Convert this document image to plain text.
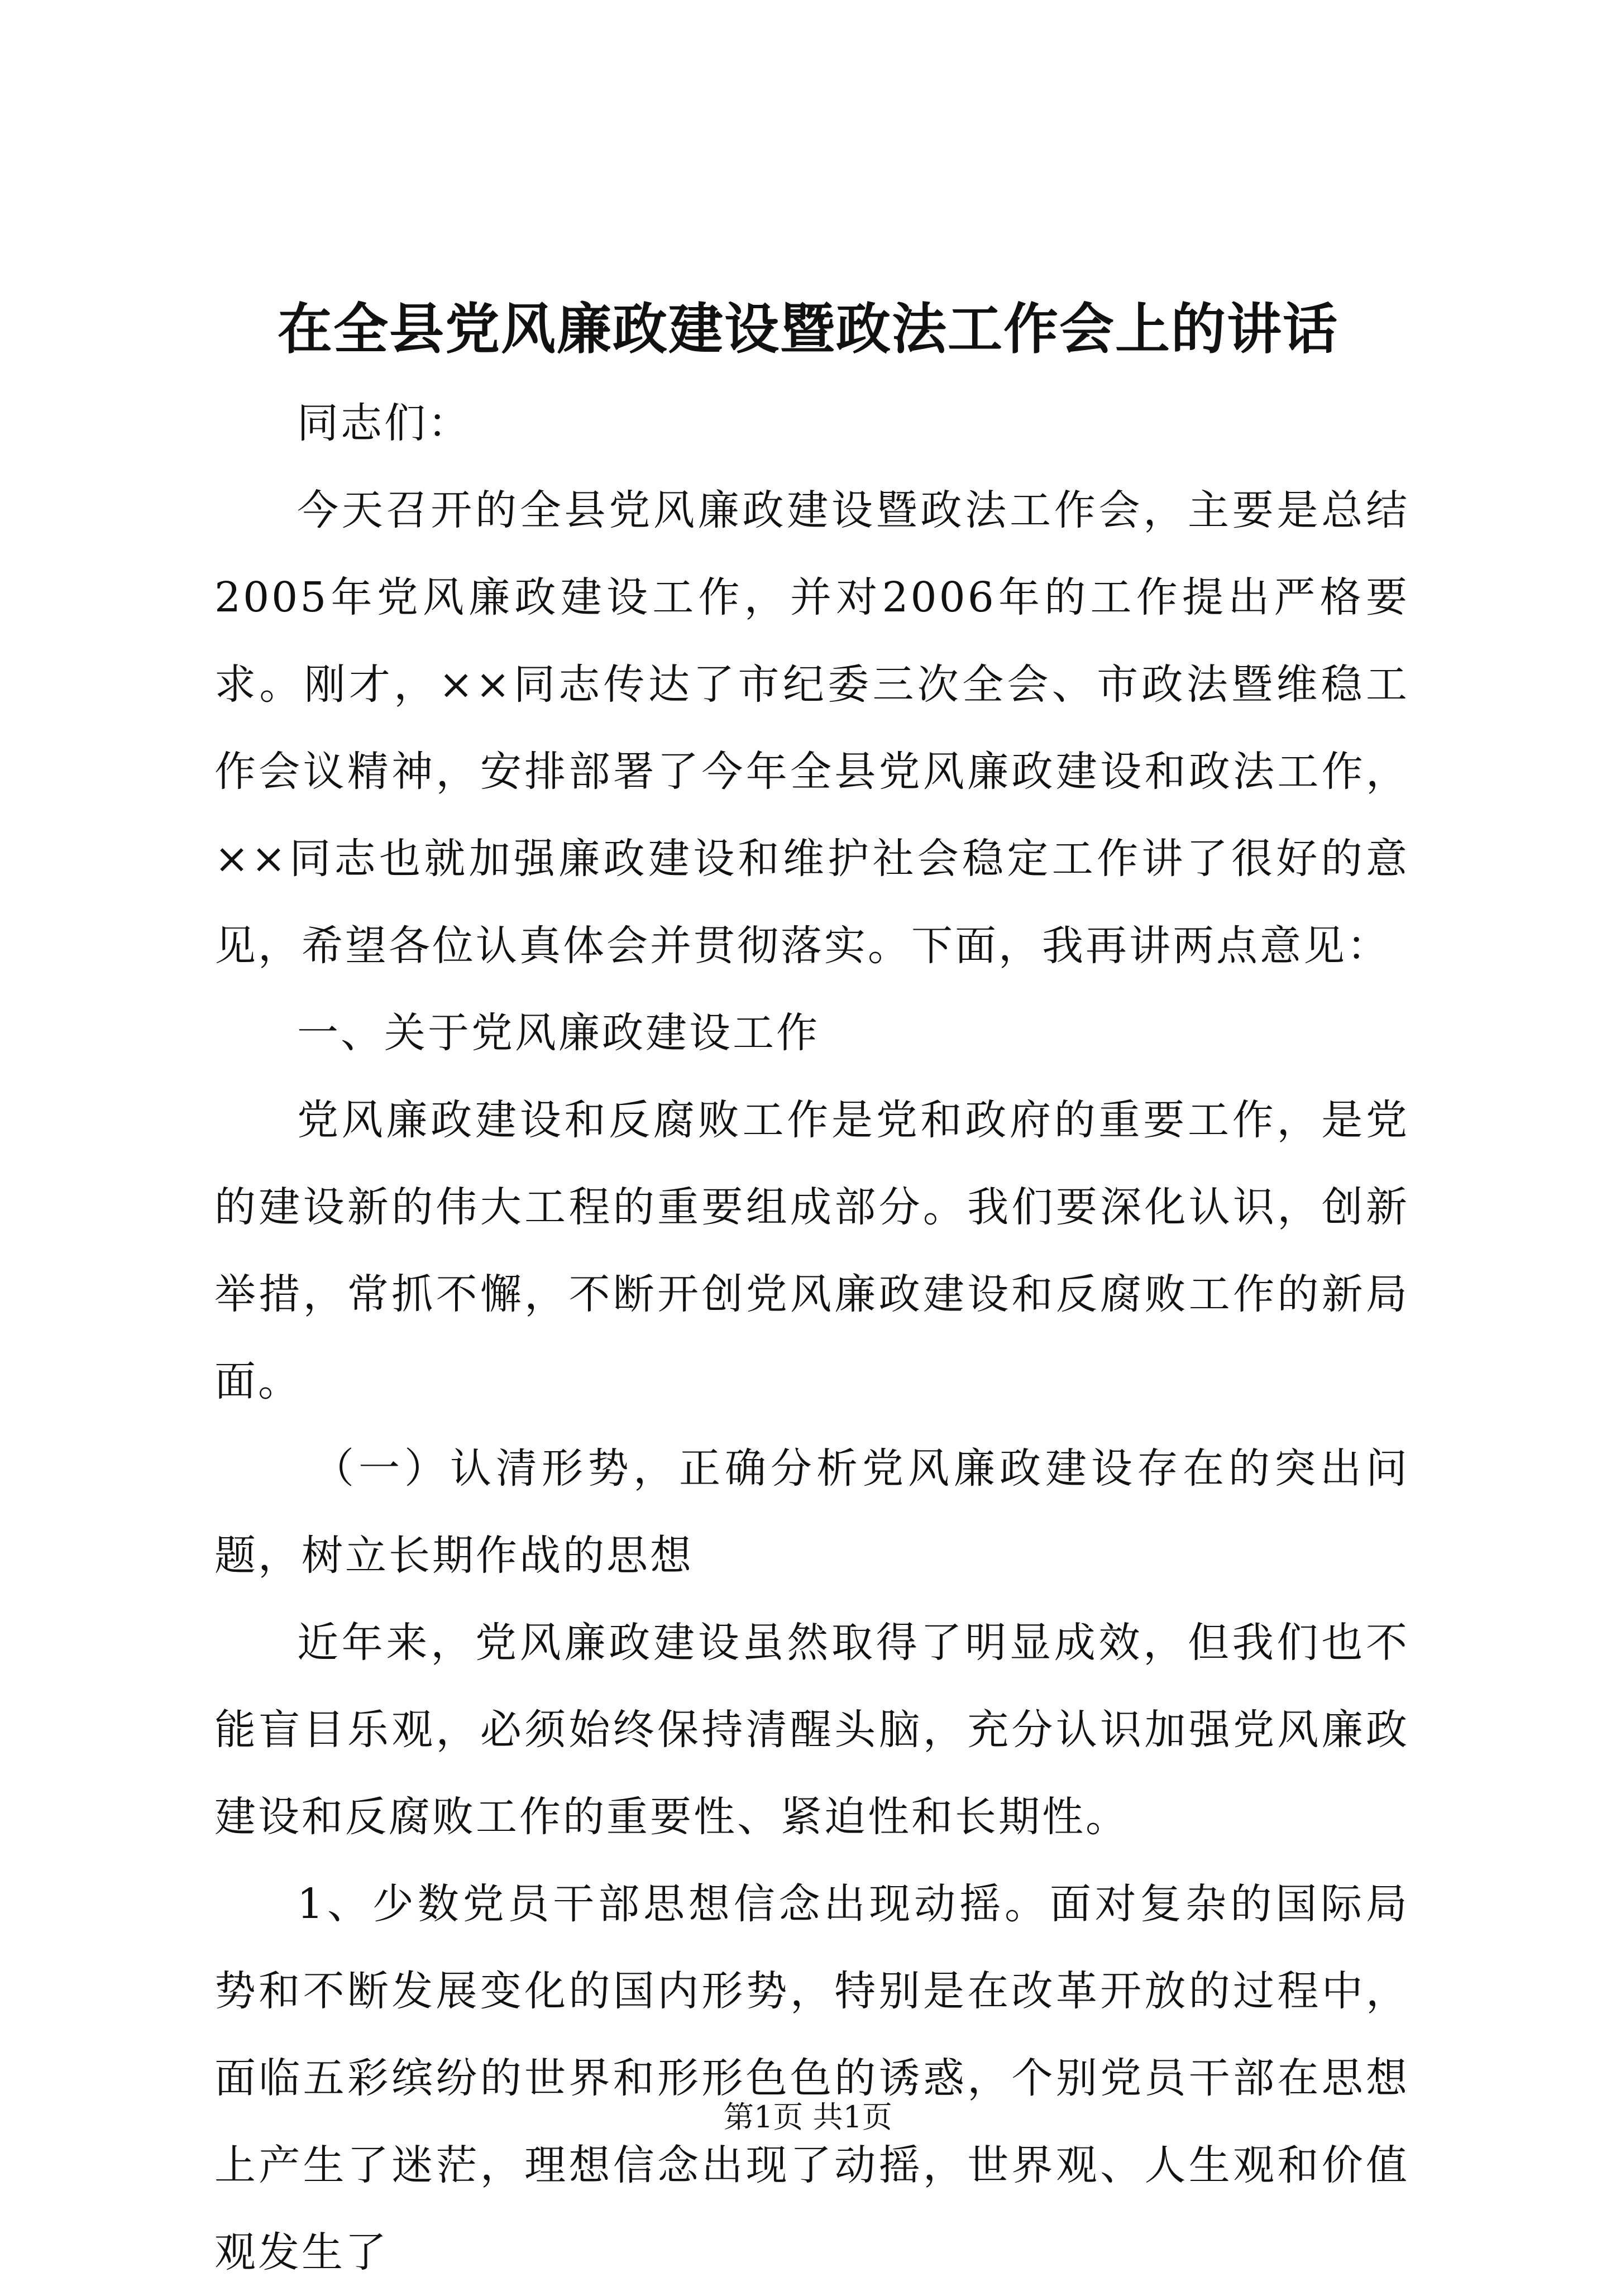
在全县党风廉政建设暨政法工作会上的讲话

同志们：

今天召开的全县党风廉政建设暨政法工作会，主要是总结2005年党风廉政建设工作，并对2006年的工作提出严格要求。刚才，××同志传达了市纪委三次全会、市政法暨维稳工作会议精神，安排部署了今年全县党风廉政建设和政法工作，××同志也就加强廉政建设和维护社会稳定工作讲了很好的意见，希望各位认真体会并贯彻落实。下面，我再讲两点意见：

一、关于党风廉政建设工作

党风廉政建设和反腐败工作是党和政府的重要工作，是党的建设新的伟大工程的重要组成部分。我们要深化认识，创新举措，常抓不懈，不断开创党风廉政建设和反腐败工作的新局面。

（一）认清形势，正确分析党风廉政建设存在的突出问题，树立长期作战的思想

近年来，党风廉政建设虽然取得了明显成效，但我们也不能盲目乐观，必须始终保持清醒头脑，充分认识加强党风廉政建设和反腐败工作的重要性、紧迫性和长期性。

1、少数党员干部思想信念出现动摇。面对复杂的国际局势和不断发展变化的国内形势，特别是在改革开放的过程中，面临五彩缤纷的世界和形形色色的诱惑，个别党员干部在思想上产生了迷茫，理想信念出现了动摇，世界观、人生观和价值观发生了

第1页 共1页
